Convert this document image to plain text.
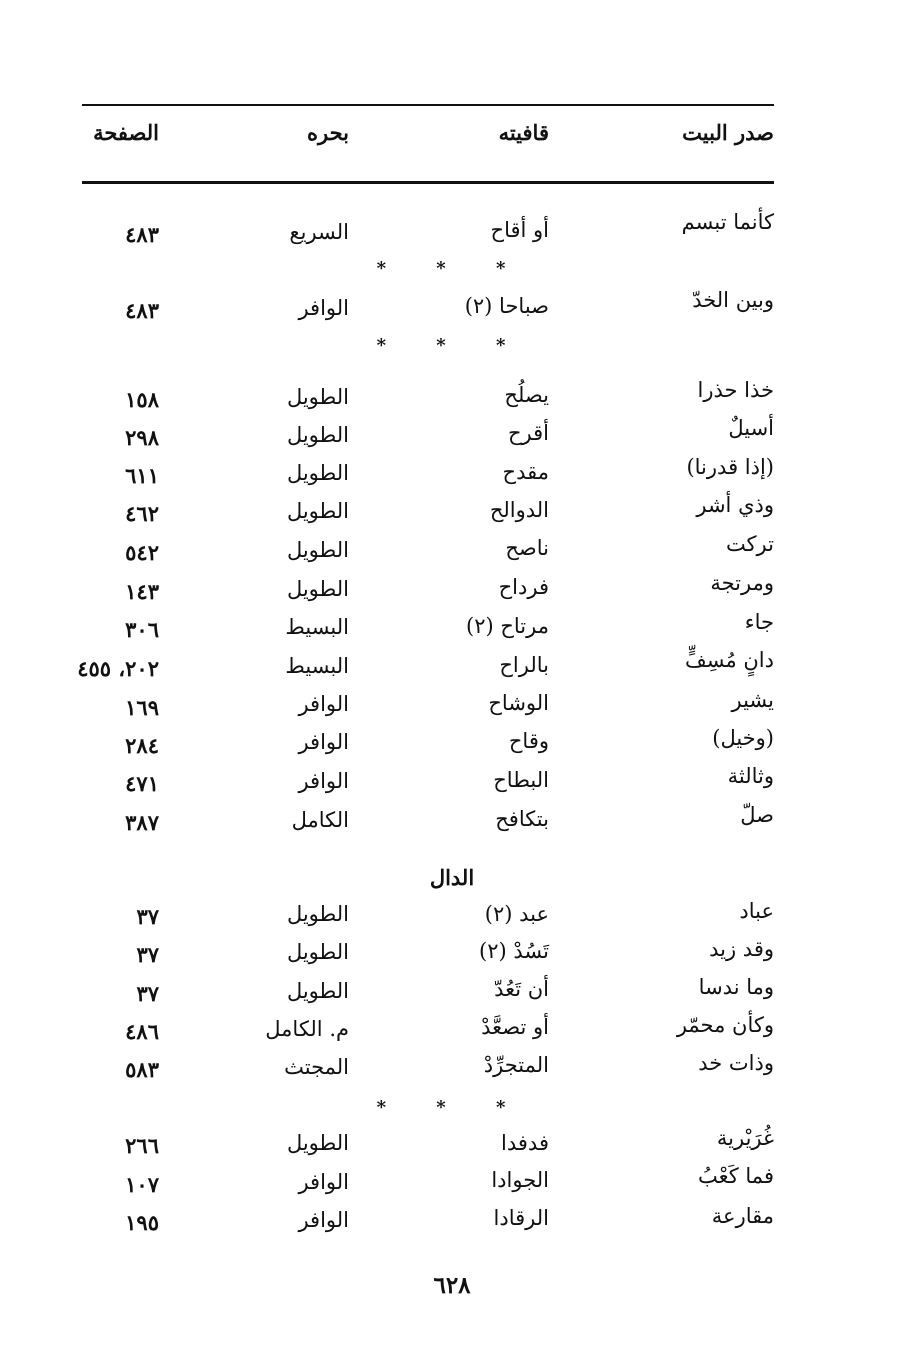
صدر البيت
قافيته
بحره
الصفحة
كأنما تبسم
أو أقاح
السريع
٤٨٣
* * *
وبين الخدّ
صباحا (٢)
الوافر
٤٨٣
* * *
خذا حذرا
يصلُح
الطويل
١٥٨
أسيلٌ
أقرح
الطويل
٢٩٨
(إذا قدرنا)
مقدح
الطويل
٦١١
وذي أشر
الدوالح
الطويل
٤٦٢
تركت
ناصح
الطويل
٥٤٢
ومرتجة
فرداح
الطويل
١٤٣
جاء
مرتاح (٢)
البسيط
٣٠٦
دانٍ مُسِفٍّ
بالراح
البسيط
٢٠٢، ٤٥٥
يشير
الوشاح
الوافر
١٦٩
(وخيل)
وقاح
الوافر
٢٨٤
وثالثة
البطاح
الوافر
٤٧١
صلّ
بتكافح
الكامل
٣٨٧
الدال
عباد
عبد (٢)
الطويل
٣٧
وقد زيد
تَسُدْ (٢)
الطويل
٣٧
وما ندسا
أن تَعُدّ
الطويل
٣٧
وكأن محمّر
أو تصعَّدْ
م. الكامل
٤٨٦
وذات خد
المتجرِّدْ
المجتث
٥٨٣
* * *
غُرَيْرية
فدفدا
الطويل
٢٦٦
فما كَعْبُ
الجوادا
الوافر
١٠٧
مقارعة
الرقادا
الوافر
١٩٥
٦٢٨
